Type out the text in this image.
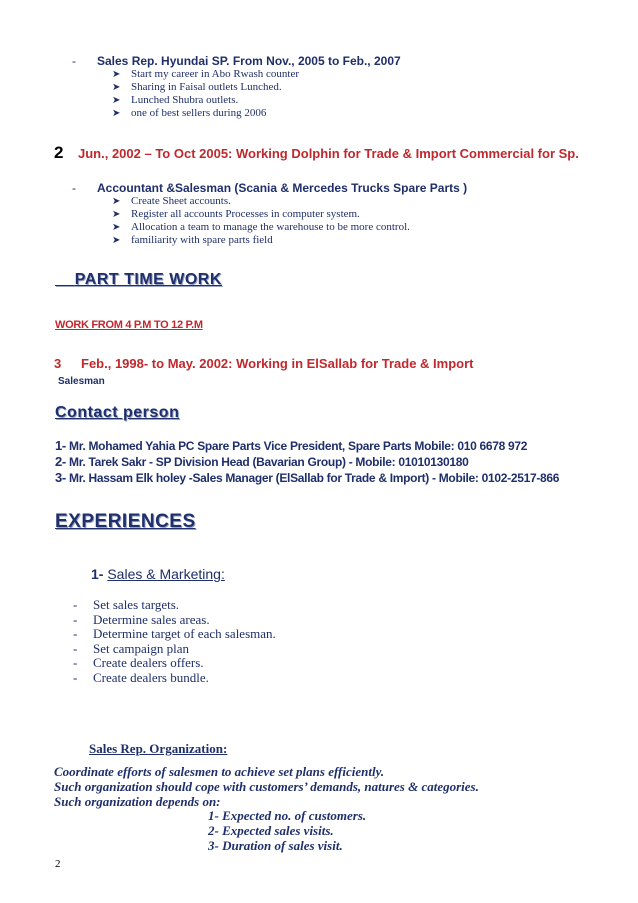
- Sales Rep. Hyundai SP. From Nov., 2005 to Feb., 2007
➤ Start my career in Abo Rwash counter
➤ Sharing in Faisal outlets Lunched.
➤ Lunched Shubra outlets.
➤ one of best sellers during 2006
2 Jun., 2002 – To Oct 2005: Working Dolphin for Trade & Import Commercial for Sp.
- Accountant &Salesman (Scania & Mercedes Trucks Spare Parts )
➤ Create Sheet accounts.
➤ Register all accounts Processes in computer system.
➤ Allocation a team to manage the warehouse to be more control.
➤ familiarity with spare parts field
PART TIME WORK
WORK FROM 4 P.M TO 12 P.M
3 Feb., 1998- to May. 2002: Working in ElSallab for Trade & Import
Salesman
Contact person
1- Mr. Mohamed Yahia PC Spare Parts Vice President, Spare Parts Mobile: 010 6678 972
2- Mr. Tarek Sakr - SP Division Head (Bavarian Group) - Mobile: 01010130180
3- Mr. Hassam Elk holey -Sales Manager (ElSallab for Trade & Import) - Mobile: 0102-2517-866
EXPERIENCES
1- Sales & Marketing:
- Set sales targets.
- Determine sales areas.
- Determine target of each salesman.
- Set campaign plan
- Create dealers offers.
- Create dealers bundle.
Sales Rep. Organization:
Coordinate efforts of salesmen to achieve set plans efficiently.
Such organization should cope with customers’ demands, natures & categories.
Such organization depends on:
1- Expected no. of customers.
2- Expected sales visits.
3- Duration of sales visit.
2
